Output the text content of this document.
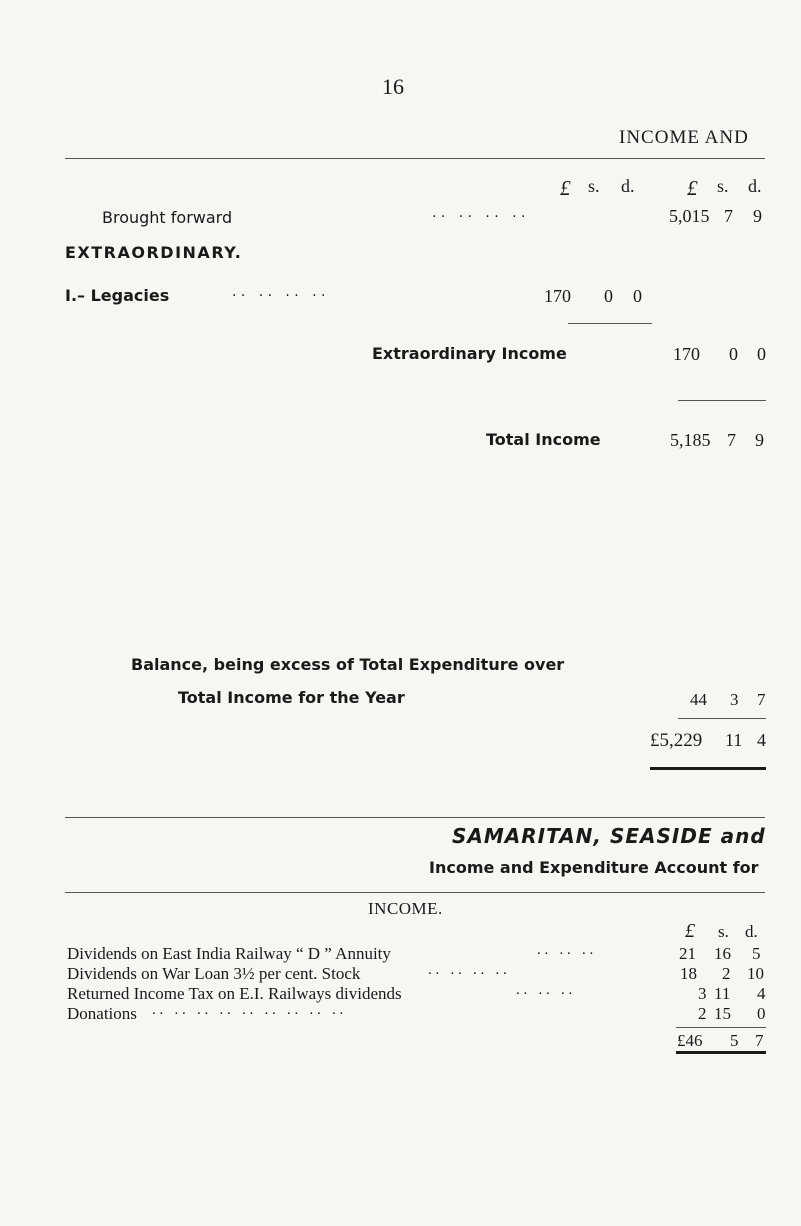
16
INCOME AND
£ s. d.	£ s. d.
Brought forward	. .   . .   . .   . .	5,015 7 9
EXTRAORDINARY.
I.– Legacies	. .   . .   . .   . .	170 0 0
Extraordinary Income	170 0 0
Total Income	5,185 7 9
Balance, being excess of Total Expenditure over
Total Income for the Year	44 3 7
£5,229 11 4
SAMARITAN, SEASIDE and
Income and Expenditure Account for
INCOME.
£ s. d.
Dividends on East India Railway “ D ” Annuity	. .   . .   . .	21 16 5
Dividends on War Loan 3½ per cent. Stock	. .   . .   . .   . .	18 2 10
Returned Income Tax on E.I. Railways dividends	. .   . .   . .	3 11 4
Donations . .   . .   . .   . .   . .   . .   . .   . .   . .	2 15 0
£46 5 7
